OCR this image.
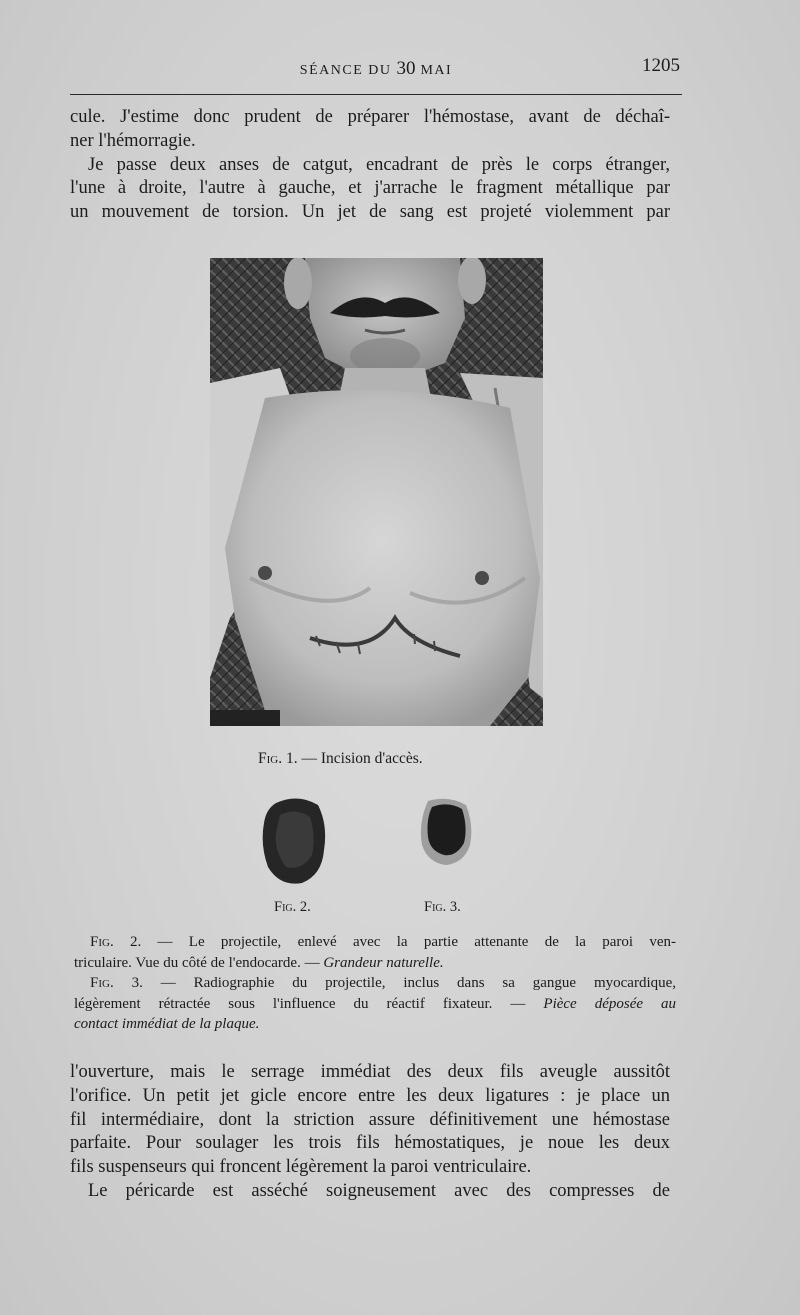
SÉANCE DU 30 MAI	1205
cule. J'estime donc prudent de préparer l'hémostase, avant de déchaî-
ner l'hémorragie.
Je passe deux anses de catgut, encadrant de près le corps étranger,
l'une à droite, l'autre à gauche, et j'arrache le fragment métallique par
un mouvement de torsion. Un jet de sang est projeté violemment par
Fig. 1. — Incision d'accès.
Fig. 2.	Fig. 3.
Fig. 2. — Le projectile, enlevé avec la partie attenante de la paroi ven-
triculaire. Vue du côté de l'endocarde. — Grandeur naturelle.
Fig. 3. — Radiographie du projectile, inclus dans sa gangue myocardique,
légèrement rétractée sous l'influence du réactif fixateur. — Pièce déposée au
contact immédiat de la plaque.
l'ouverture, mais le serrage immédiat des deux fils aveugle aussitôt
l'orifice. Un petit jet gicle encore entre les deux ligatures : je place un
fil intermédiaire, dont la striction assure définitivement une hémostase
parfaite. Pour soulager les trois fils hémostatiques, je noue les deux
fils suspenseurs qui froncent légèrement la paroi ventriculaire.
Le péricarde est asséché soigneusement avec des compresses de
